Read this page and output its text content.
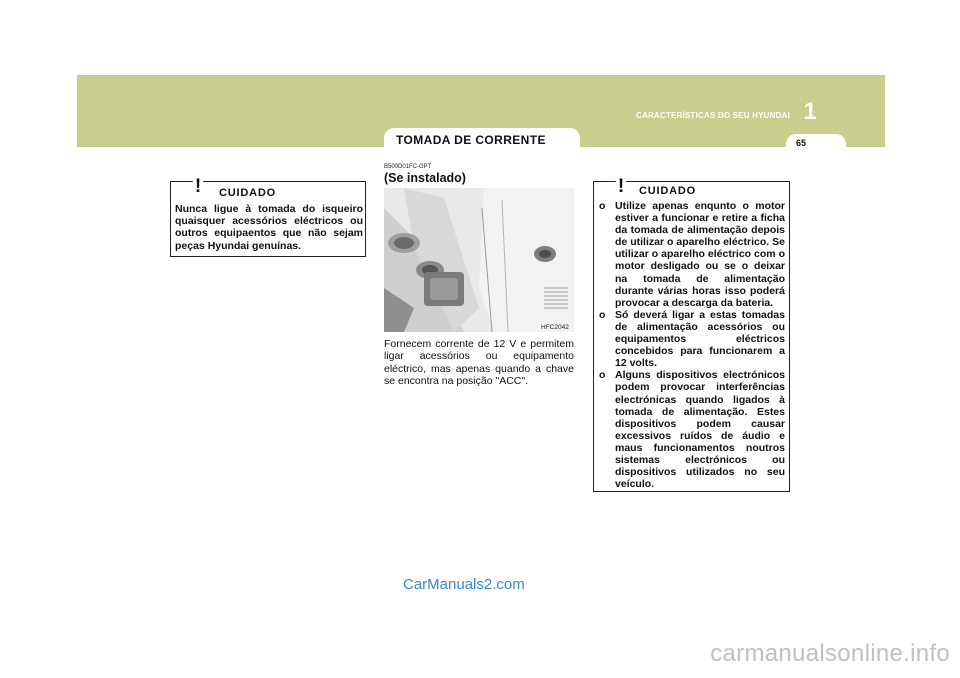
CARACTERÍSTICAS DO SEU HYUNDAI 1
65
TOMADA DE CORRENTE
! CUIDADO
Nunca ligue à tomada do isqueiro quaisquer acessórios eléctricos ou outros equipaentos que não sejam peças Hyundai genuínas.
B500D01FC-GPT
(Se instalado)
HFC2042
Fornecem corrente de 12 V e permitem ligar acessórios ou equipamento eléctrico, mas apenas quando a chave se encontra na posição "ACC".
! CUIDADO
o Utilize apenas enqunto o motor estiver a funcionar e retire a ficha da tomada de alimentação depois de utilizar o aparelho eléctrico. Se utilizar o aparelho eléctrico com o motor desligado ou se o deixar na tomada de alimentação durante várias horas isso poderá provocar a descarga da bateria.
o Só deverá ligar a estas tomadas de alimentação acessórios ou equipamentos eléctricos concebidos para funcionarem a 12 volts.
o Alguns dispositivos electrónicos podem provocar interferências electrónicas quando ligados à tomada de alimentação. Estes dispositivos podem causar excessivos ruídos de áudio e maus funcionamentos noutros sistemas electrónicos ou dispositivos utilizados no seu veículo.
CarManuals2.com
carmanualsonline.info
